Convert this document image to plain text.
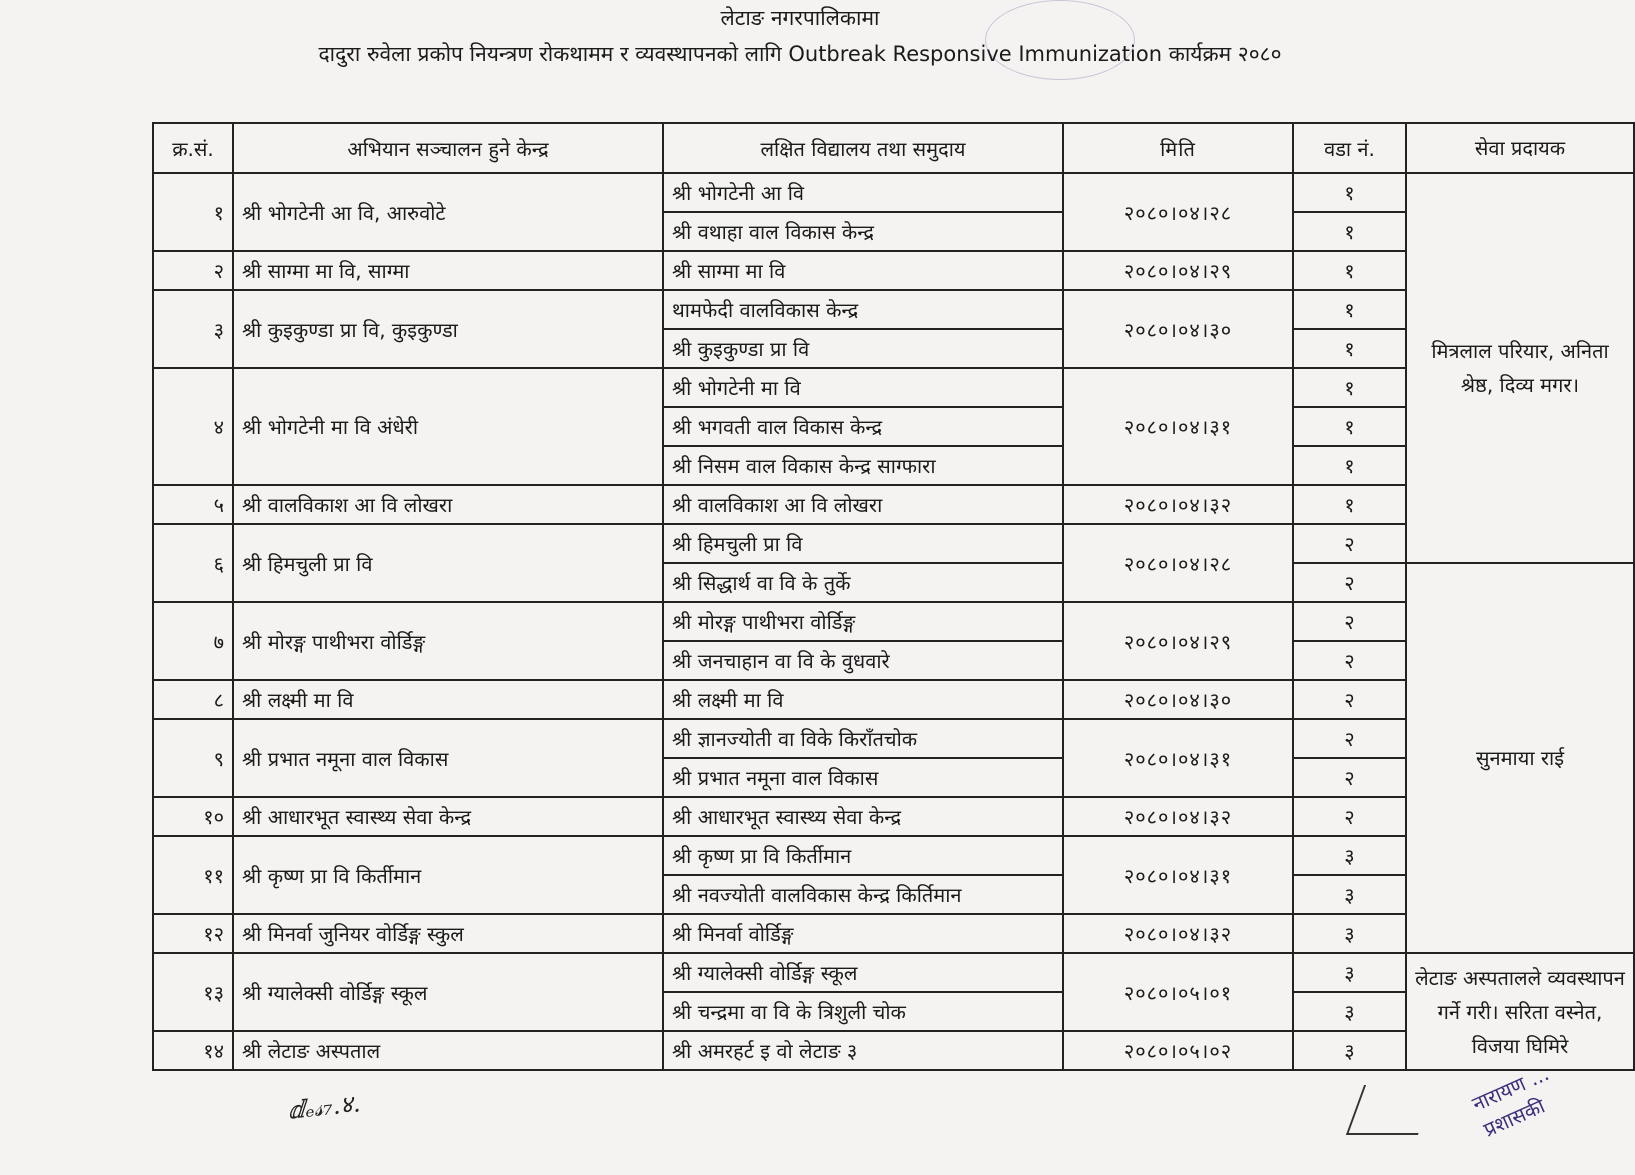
लेटाङ नगरपालिकामा
दादुरा रुवेला प्रकोप नियन्त्रण रोकथामम र व्यवस्थापनको लागि Outbreak Responsive Immunization कार्यक्रम २०८०
क्र.सं.	अभियान सञ्चालन हुने केन्द्र	लक्षित विद्यालय तथा समुदाय	मिति	वडा नं.	सेवा प्रदायक
१	श्री भोगटेनी आ वि, आरुवोटे	श्री भोगटेनी आ वि	२०८०।०४।२८	१	मित्रलाल परियार, अनिता श्रेष्ठ, दिव्य मगर।
		श्री वथाहा वाल विकास केन्द्र		१	
२	श्री साग्मा मा वि, साग्मा	श्री साग्मा मा वि	२०८०।०४।२९	१	
३	श्री कुइकुण्डा प्रा वि, कुइकुण्डा	थामफेदी वालविकास केन्द्र	२०८०।०४।३०	१	
		श्री कुइकुण्डा प्रा वि		१	
४	श्री भोगटेनी मा वि अंधेरी	श्री भोगटेनी मा वि	२०८०।०४।३१	१	
		श्री भगवती वाल विकास केन्द्र		१	
		श्री निसम वाल विकास केन्द्र साग्फारा		१	
५	श्री वालविकाश आ वि लोखरा	श्री वालविकाश आ वि लोखरा	२०८०।०४।३२	१	
६	श्री हिमचुली प्रा वि	श्री हिमचुली प्रा वि	२०८०।०४।२८	२	
		श्री सिद्धार्थ वा वि के तुर्के		२	सुनमाया राई
७	श्री मोरङ्ग पाथीभरा वोर्डिङ्ग	श्री मोरङ्ग पाथीभरा वोर्डिङ्ग	२०८०।०४।२९	२	
		श्री जनचाहान वा वि के वुधवारे		२	
८	श्री लक्ष्मी मा वि	श्री लक्ष्मी मा वि	२०८०।०४।३०	२	
९	श्री प्रभात नमूना वाल विकास	श्री ज्ञानज्योती वा विके किराँतचोक	२०८०।०४।३१	२	
		श्री प्रभात नमूना वाल विकास		२	
१०	श्री आधारभूत स्वास्थ्य सेवा केन्द्र	श्री आधारभूत स्वास्थ्य सेवा केन्द्र	२०८०।०४।३२	२	
११	श्री कृष्ण प्रा वि किर्तीमान	श्री कृष्ण प्रा वि किर्तीमान	२०८०।०४।३१	३	
		श्री नवज्योती वालविकास केन्द्र किर्तिमान		३	
१२	श्री मिनर्वा जुनियर वोर्डिङ्ग स्कुल	श्री मिनर्वा वोर्डिङ्ग	२०८०।०४।३२	३	
१३	श्री ग्यालेक्सी वोर्डिङ्ग स्कूल	श्री ग्यालेक्सी वोर्डिङ्ग स्कूल	२०८०।०५।०१	३	लेटाङ अस्पतालले व्यवस्थापन गर्ने गरी। सरिता वस्नेत, विजया घिमिरे
		श्री चन्द्रमा वा वि के त्रिशुली चोक		३	
१४	श्री लेटाङ अस्पताल	श्री अमरहर्ट इ वो लेटाङ ३	२०८०।०५।०२	३	
ⅆₑ𝓈₇.४.	नारायण ... प्रशासकी
